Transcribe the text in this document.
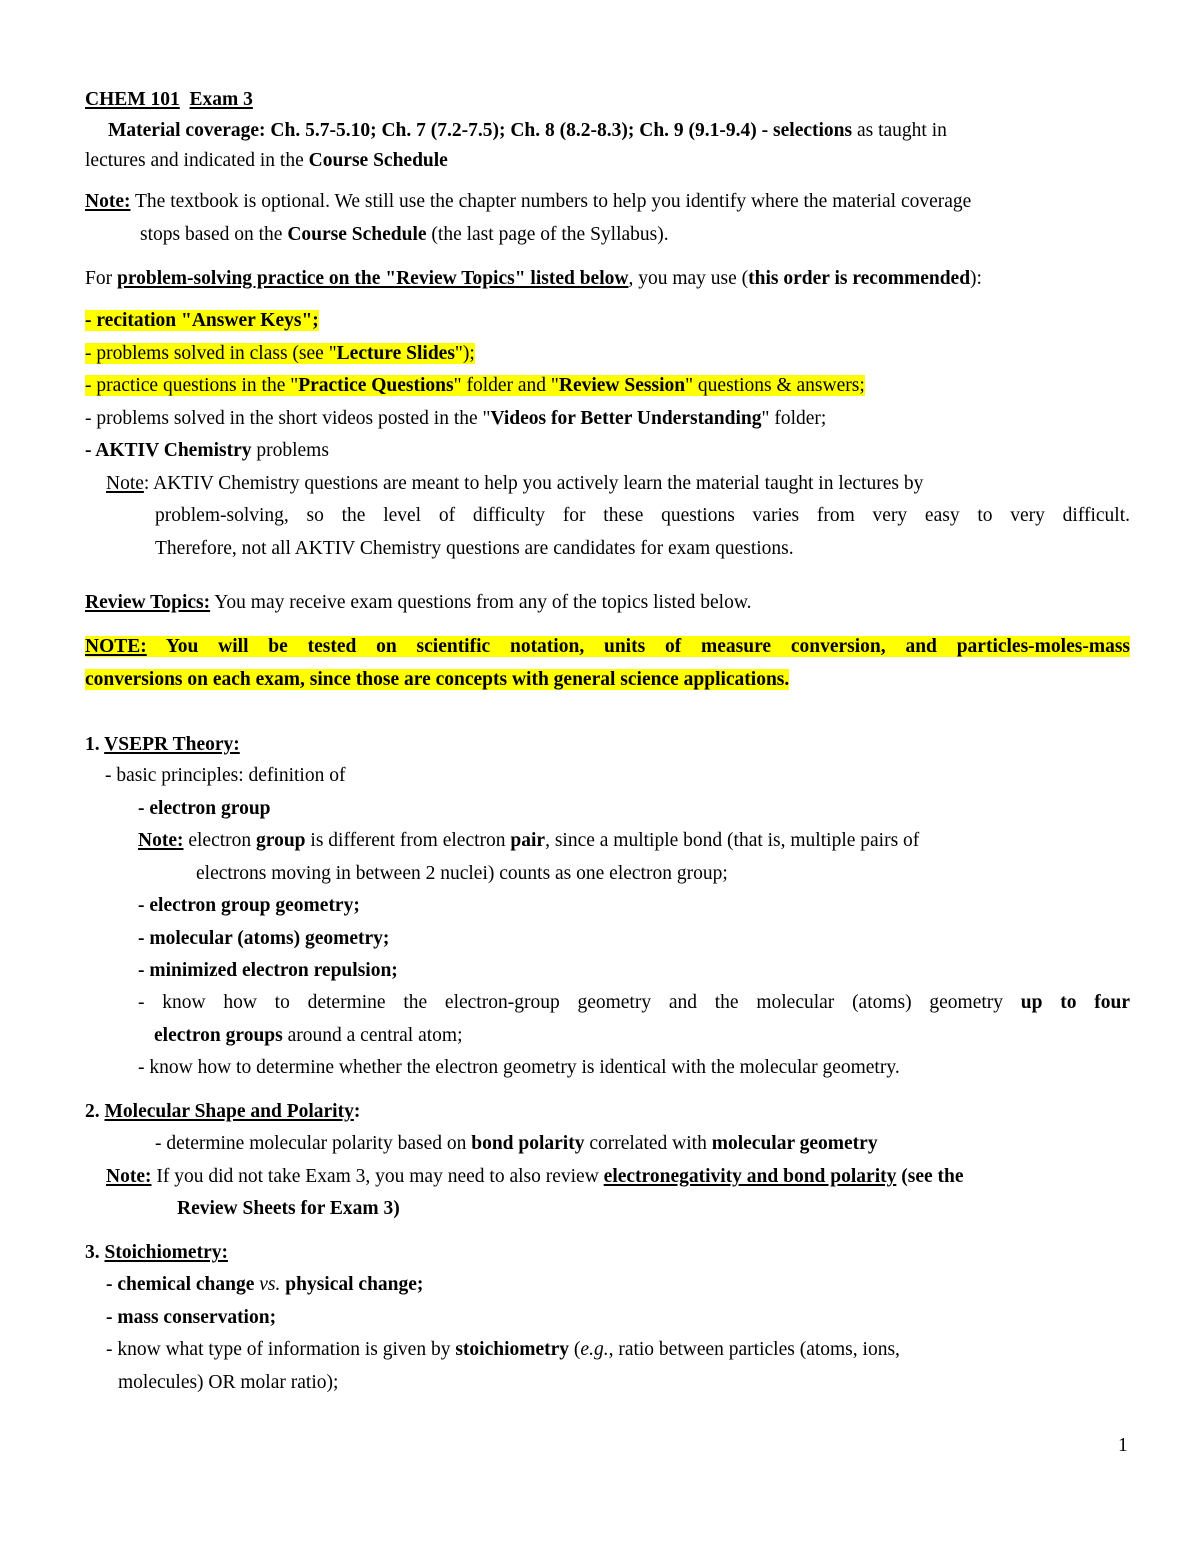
CHEM 101 Exam 3
Material coverage: Ch. 5.7-5.10; Ch. 7 (7.2-7.5); Ch. 8 (8.2-8.3); Ch. 9 (9.1-9.4) - selections as taught in
lectures and indicated in the Course Schedule
Note: The textbook is optional. We still use the chapter numbers to help you identify where the material coverage
stops based on the Course Schedule (the last page of the Syllabus).
For problem-solving practice on the "Review Topics" listed below, you may use (this order is recommended):
- recitation "Answer Keys";
- problems solved in class (see "Lecture Slides");
- practice questions in the "Practice Questions" folder and "Review Session" questions & answers;
- problems solved in the short videos posted in the "Videos for Better Understanding" folder;
- AKTIV Chemistry problems
Note: AKTIV Chemistry questions are meant to help you actively learn the material taught in lectures by
problem-solving, so the level of difficulty for these questions varies from very easy to very difficult.
Therefore, not all AKTIV Chemistry questions are candidates for exam questions.
Review Topics: You may receive exam questions from any of the topics listed below.
NOTE: You will be tested on scientific notation, units of measure conversion, and particles-moles-mass
conversions on each exam, since those are concepts with general science applications.
1. VSEPR Theory:
- basic principles: definition of
- electron group
Note: electron group is different from electron pair, since a multiple bond (that is, multiple pairs of
electrons moving in between 2 nuclei) counts as one electron group;
- electron group geometry;
- molecular (atoms) geometry;
- minimized electron repulsion;
- know how to determine the electron-group geometry and the molecular (atoms) geometry up to four
electron groups around a central atom;
- know how to determine whether the electron geometry is identical with the molecular geometry.
2. Molecular Shape and Polarity:
- determine molecular polarity based on bond polarity correlated with molecular geometry
Note: If you did not take Exam 3, you may need to also review electronegativity and bond polarity (see the
Review Sheets for Exam 3)
3. Stoichiometry:
- chemical change vs. physical change;
- mass conservation;
- know what type of information is given by stoichiometry (e.g., ratio between particles (atoms, ions,
molecules) OR molar ratio);
1
